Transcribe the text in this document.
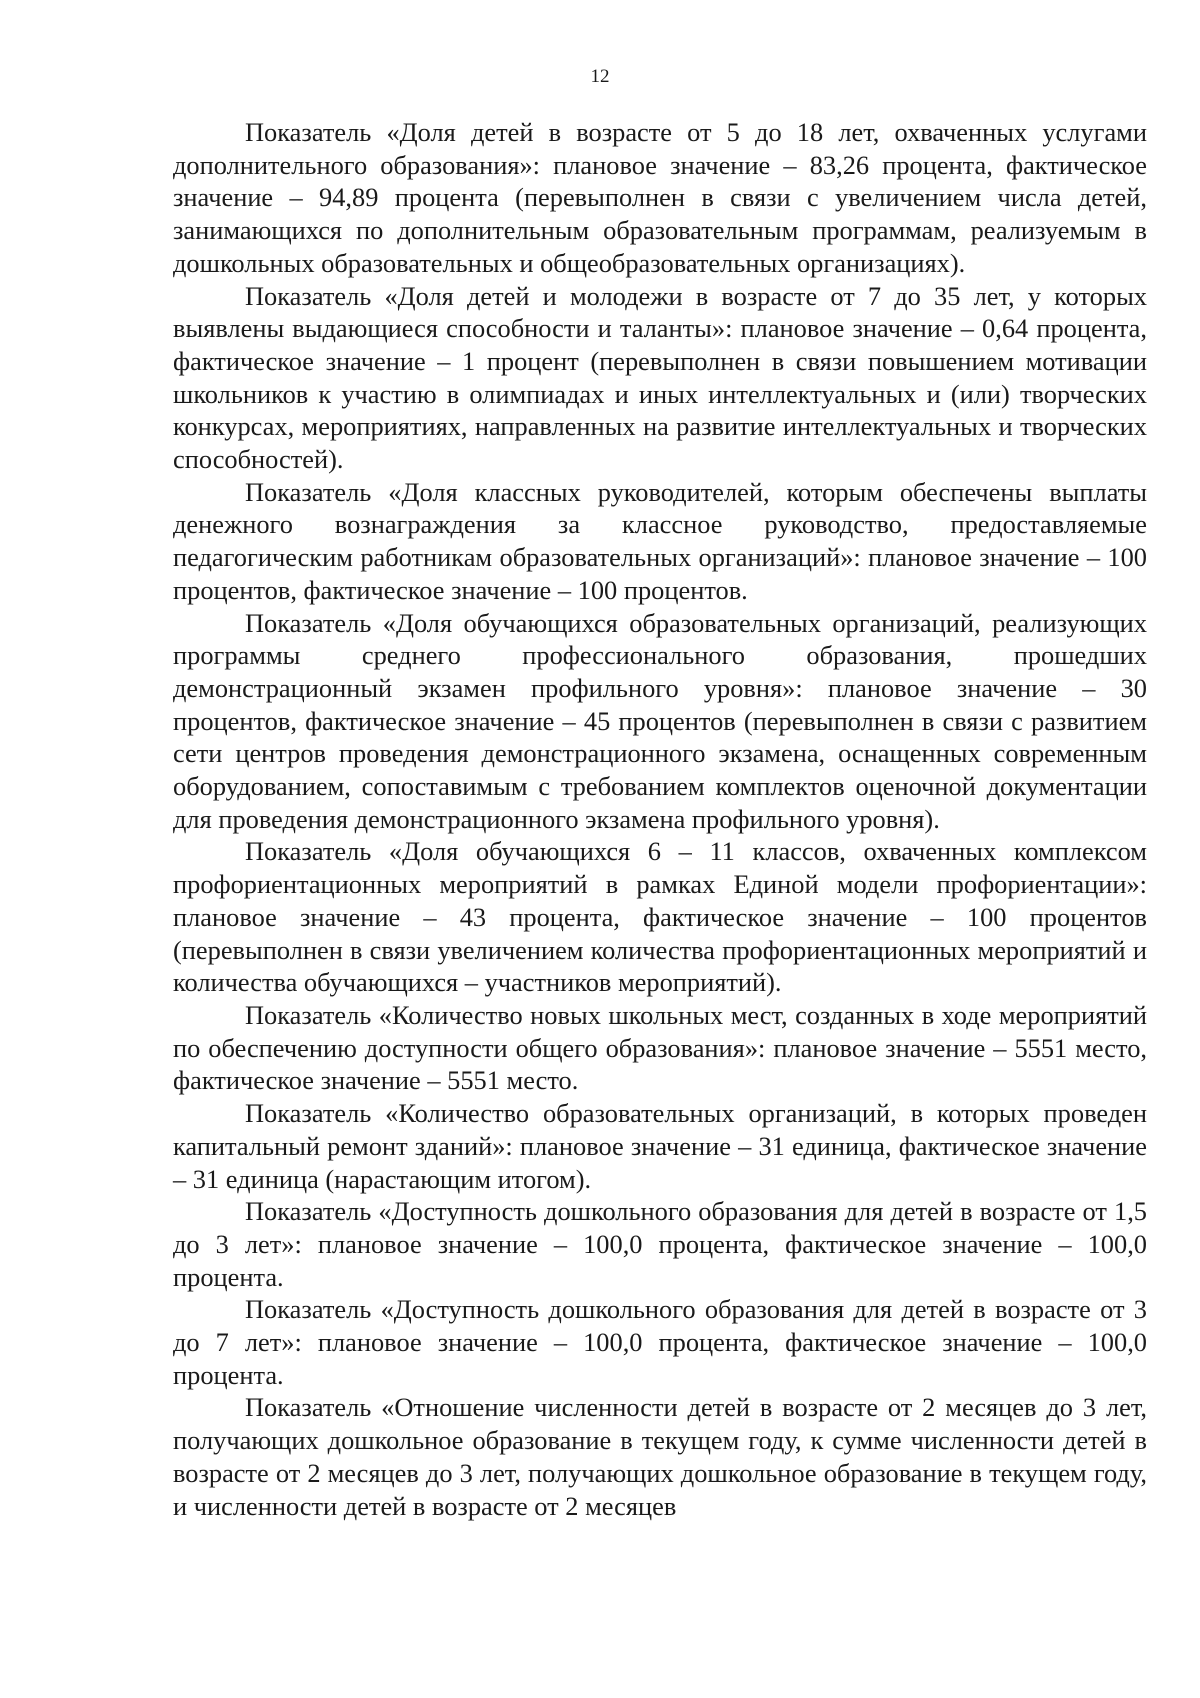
12

Показатель «Доля детей в возрасте от 5 до 18 лет, охваченных услугами дополнительного образования»: плановое значение – 83,26 процента, фактическое значение – 94,89 процента (перевыполнен в связи с увеличением числа детей, занимающихся по дополнительным образовательным программам, реализуемым в дошкольных образовательных и общеобразовательных организациях).

Показатель «Доля детей и молодежи в возрасте от 7 до 35 лет, у которых выявлены выдающиеся способности и таланты»: плановое значение – 0,64 процента, фактическое значение – 1 процент (перевыполнен в связи повышением мотивации школьников к участию в олимпиадах и иных интеллектуальных и (или) творческих конкурсах, мероприятиях, направленных на развитие интеллектуальных и творческих способностей).

Показатель «Доля классных руководителей, которым обеспечены выплаты денежного вознаграждения за классное руководство, предоставляемые педагогическим работникам образовательных организаций»: плановое значение – 100 процентов, фактическое значение – 100 процентов.

Показатель «Доля обучающихся образовательных организаций, реализующих программы среднего профессионального образования, прошедших демонстрационный экзамен профильного уровня»: плановое значение – 30 процентов, фактическое значение – 45 процентов (перевыполнен в связи с развитием сети центров проведения демонстрационного экзамена, оснащенных современным оборудованием, сопоставимым с требованием комплектов оценочной документации для проведения демонстрационного экзамена профильного уровня).

Показатель «Доля обучающихся 6 – 11 классов, охваченных комплексом профориентационных мероприятий в рамках Единой модели профориентации»: плановое значение – 43 процента, фактическое значение – 100 процентов (перевыполнен в связи увеличением количества профориентационных мероприятий и количества обучающихся – участников мероприятий).

Показатель «Количество новых школьных мест, созданных в ходе мероприятий по обеспечению доступности общего образования»: плановое значение – 5551 место, фактическое значение – 5551 место.

Показатель «Количество образовательных организаций, в которых проведен капитальный ремонт зданий»: плановое значение – 31 единица, фактическое значение – 31 единица (нарастающим итогом).

Показатель «Доступность дошкольного образования для детей в возрасте от 1,5 до 3 лет»: плановое значение – 100,0 процента, фактическое значение – 100,0 процента.

Показатель «Доступность дошкольного образования для детей в возрасте от 3 до 7 лет»: плановое значение – 100,0 процента, фактическое значение – 100,0 процента.

Показатель «Отношение численности детей в возрасте от 2 месяцев до 3 лет, получающих дошкольное образование в текущем году, к сумме численности детей в возрасте от 2 месяцев до 3 лет, получающих дошкольное образование в текущем году, и численности детей в возрасте от 2 месяцев
